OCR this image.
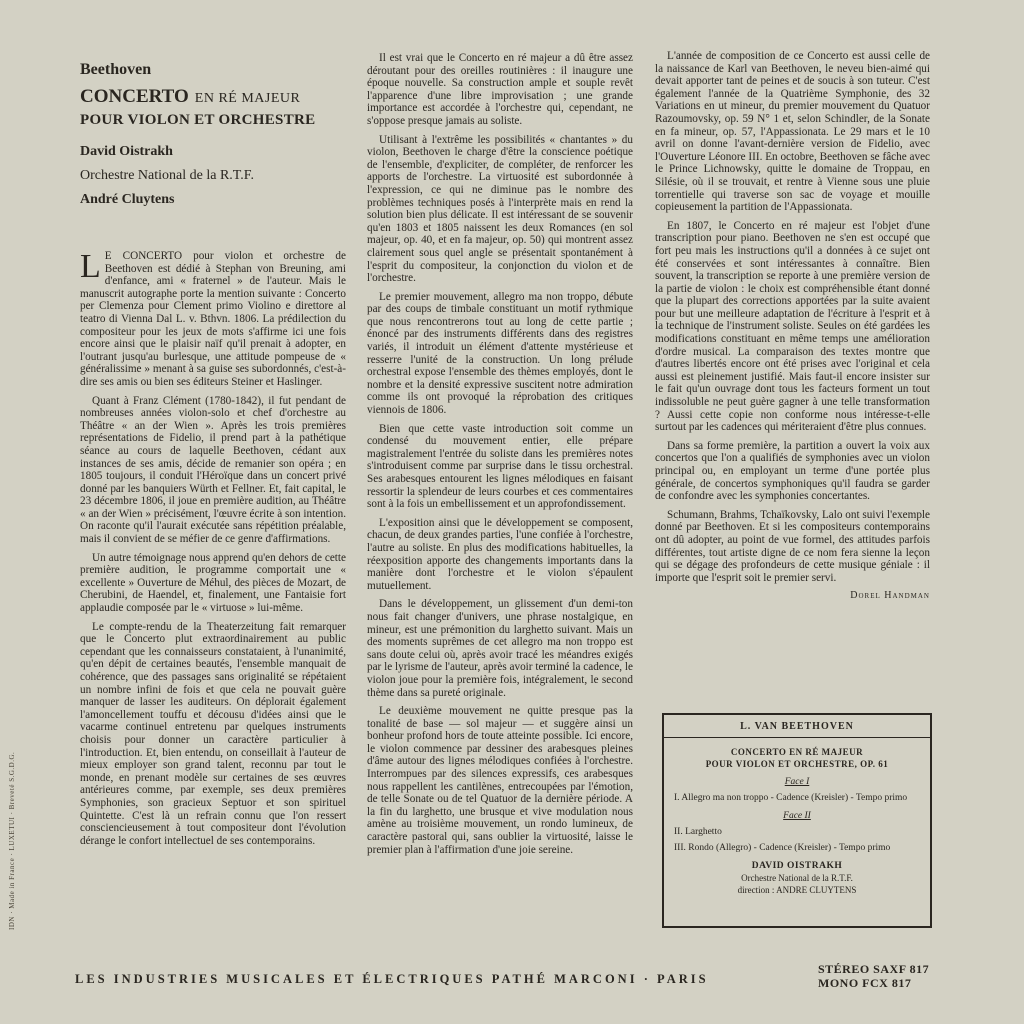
Beethoven
CONCERTO EN RÉ MAJEUR
POUR VIOLON ET ORCHESTRE
David Oistrakh
Orchestre National de la R.T.F.
André Cluytens

L E CONCERTO pour violon et orchestre de Beethoven est dédié à Stephan von Breuning, ami d'enfance, ami « fraternel » de l'auteur. Mais le manuscrit autographe porte la mention suivante : Concerto per Clemenza pour Clement primo Violino e direttore al teatro di Vienna Dal L. v. Bthvn. 1806. La prédilection du compositeur pour les jeux de mots s'affirme ici une fois encore ainsi que le plaisir naïf qu'il prenait à adopter, en l'outrant jusqu'au burlesque, une attitude pompeuse de « généralissime » menant à sa guise ses subordonnés, c'est-à-dire ses amis ou bien ses éditeurs Steiner et Haslinger.

Quant à Franz Clément (1780-1842), il fut pendant de nombreuses années violon-solo et chef d'orchestre au Théâtre « an der Wien ». Après les trois premières représentations de Fidelio, il prend part à la pathétique séance au cours de laquelle Beethoven, cédant aux instances de ses amis, décide de remanier son opéra ; en 1805 toujours, il conduit l'Héroïque dans un concert privé donné par les banquiers Würth et Fellner. Et, fait capital, le 23 décembre 1806, il joue en première audition, au Théâtre « an der Wien » précisément, l'œuvre écrite à son intention. On raconte qu'il l'aurait exécutée sans répétition préalable, mais il convient de se méfier de ce genre d'affirmations.

Un autre témoignage nous apprend qu'en dehors de cette première audition, le programme comportait une « excellente » Ouverture de Méhul, des pièces de Mozart, de Cherubini, de Haendel, et, finalement, une Fantaisie fort applaudie composée par le « virtuose » lui-même.

Le compte-rendu de la Theaterzeitung fait remarquer que le Concerto plut extraordinairement au public cependant que les connaisseurs constataient, à l'unanimité, qu'en dépit de certaines beautés, l'ensemble manquait de cohérence, que des passages sans originalité se répétaient un nombre infini de fois et que cela ne pouvait guère manquer de lasser les auditeurs. On déplorait également l'amoncellement touffu et décousu d'idées ainsi que le vacarme continuel entretenu par quelques instruments choisis pour donner un caractère particulier à l'introduction. Et, bien entendu, on conseillait à l'auteur de mieux employer son grand talent, reconnu par tout le monde, en prenant modèle sur certaines de ses œuvres antérieures comme, par exemple, ses deux premières Symphonies, son gracieux Septuor et son spirituel Quintette. C'est là un refrain connu que l'on ressert consciencieusement à tout compositeur dont l'évolution dérange le confort intellectuel de ses contemporains.

Il est vrai que le Concerto en ré majeur a dû être assez déroutant pour des oreilles routinières : il inaugure une époque nouvelle. Sa construction ample et souple revêt l'apparence d'une libre improvisation ; une grande importance est accordée à l'orchestre qui, cependant, ne s'oppose presque jamais au soliste.

Utilisant à l'extrême les possibilités « chantantes » du violon, Beethoven le charge d'être la conscience poétique de l'ensemble, d'expliciter, de compléter, de renforcer les apports de l'orchestre. La virtuosité est subordonnée à l'expression, ce qui ne diminue pas le nombre des problèmes techniques posés à l'interprète mais en rend la solution bien plus délicate. Il est intéressant de se souvenir qu'en 1803 et 1805 naissent les deux Romances (en sol majeur, op. 40, et en fa majeur, op. 50) qui montrent assez clairement sous quel angle se présentait spontanément à l'esprit du compositeur, la conjonction du violon et de l'orchestre.

Le premier mouvement, allegro ma non troppo, débute par des coups de timbale constituant un motif rythmique que nous rencontrerons tout au long de cette partie ; énoncé par des instruments différents dans des registres variés, il introduit un élément d'attente mystérieuse et resserre l'unité de la construction. Un long prélude orchestral expose l'ensemble des thèmes employés, dont le nombre et la densité expressive suscitent notre admiration comme ils ont provoqué la réprobation des critiques viennois de 1806.

Bien que cette vaste introduction soit comme un condensé du mouvement entier, elle prépare magistralement l'entrée du soliste dans les premières notes s'introduisent comme par surprise dans le tissu orchestral. Ses arabesques entourent les lignes mélodiques en faisant ressortir la splendeur de leurs courbes et ces commentaires sont à la fois un embellissement et un approfondissement.

L'exposition ainsi que le développement se composent, chacun, de deux grandes parties, l'une confiée à l'orchestre, l'autre au soliste. En plus des modifications habituelles, la réexposition apporte des changements importants dans la manière dont l'orchestre et le violon s'épaulent mutuellement.

Dans le développement, un glissement d'un demi-ton nous fait changer d'univers, une phrase nostalgique, en mineur, est une prémonition du larghetto suivant. Mais un des moments suprêmes de cet allegro ma non troppo est sans doute celui où, après avoir tracé les méandres exigés par le lyrisme de l'auteur, après avoir terminé la cadence, le violon joue pour la première fois, intégralement, le second thème dans sa pureté originale.

Le deuxième mouvement ne quitte presque pas la tonalité de base — sol majeur — et suggère ainsi un bonheur profond hors de toute atteinte possible. Ici encore, le violon commence par dessiner des arabesques pleines d'âme autour des lignes mélodiques confiées à l'orchestre. Interrompues par des silences expressifs, ces arabesques nous rappellent les cantilènes, entrecoupées par l'émotion, de telle Sonate ou de tel Quatuor de la dernière période. A la fin du larghetto, une brusque et vive modulation nous amène au troisième mouvement, un rondo lumineux, de caractère pastoral qui, sans oublier la virtuosité, laisse le premier plan à l'affirmation d'une joie sereine.

L'année de composition de ce Concerto est aussi celle de la naissance de Karl van Beethoven, le neveu bien-aimé qui devait apporter tant de peines et de soucis à son tuteur. C'est également l'année de la Quatrième Symphonie, des 32 Variations en ut mineur, du premier mouvement du Quatuor Razoumovsky, op. 59 N° 1 et, selon Schindler, de la Sonate en fa mineur, op. 57, l'Appassionata. Le 29 mars et le 10 avril on donne l'avant-dernière version de Fidelio, avec l'Ouverture Léonore III. En octobre, Beethoven se fâche avec le Prince Lichnowsky, quitte le domaine de Troppau, en Silésie, où il se trouvait, et rentre à Vienne sous une pluie torrentielle qui traverse son sac de voyage et mouille copieusement la partition de l'Appassionata.

En 1807, le Concerto en ré majeur est l'objet d'une transcription pour piano. Beethoven ne s'en est occupé que fort peu mais les instructions qu'il a données à ce sujet ont été conservées et sont intéressantes à connaître. Bien souvent, la transcription se reporte à une première version de la partie de violon : le choix est compréhensible étant donné que la plupart des corrections apportées par la suite avaient pour but une meilleure adaptation de l'écriture à l'esprit et à la technique de l'instrument soliste. Seules on été gardées les modifications constituant en même temps une amélioration d'ordre musical. La comparaison des textes montre que d'autres libertés encore ont été prises avec l'original et cela aussi est pleinement justifié. Mais faut-il encore insister sur le fait qu'un ouvrage dont tous les facteurs forment un tout indissoluble ne peut guère gagner à une telle transformation ? Aussi cette copie non conforme nous intéresse-t-elle surtout par les cadences qui mériteraient d'être plus connues.

Dans sa forme première, la partition a ouvert la voix aux concertos que l'on a qualifiés de symphonies avec un violon principal ou, en employant un terme d'une portée plus générale, de concertos symphoniques qu'il faudra se garder de confondre avec les symphonies concertantes.

Schumann, Brahms, Tchaïkovsky, Lalo ont suivi l'exemple donné par Beethoven. Et si les compositeurs contemporains ont dû adopter, au point de vue formel, des attitudes parfois différentes, tout artiste digne de ce nom fera sienne la leçon qui se dégage des profondeurs de cette musique géniale : il importe que l'esprit soit le premier servi.

Dorel Handman
L. VAN BEETHOVEN
CONCERTO EN RÉ MAJEUR
POUR VIOLON ET ORCHESTRE, OP. 61
Face I
I. Allegro ma non troppo - Cadence (Kreisler) - Tempo primo
Face II
II. Larghetto
III. Rondo (Allegro) - Cadence (Kreisler) - Tempo primo
DAVID OISTRAKH
Orchestre National de la R.T.F.
direction : ANDRE CLUYTENS
LES INDUSTRIES MUSICALES ET ÉLECTRIQUES PATHÉ MARCONI · PARIS
STÉREO SAXF 817
MONO FCX 817
IDN · Made in France · LUXETUI · Breveté S.G.D.G.
